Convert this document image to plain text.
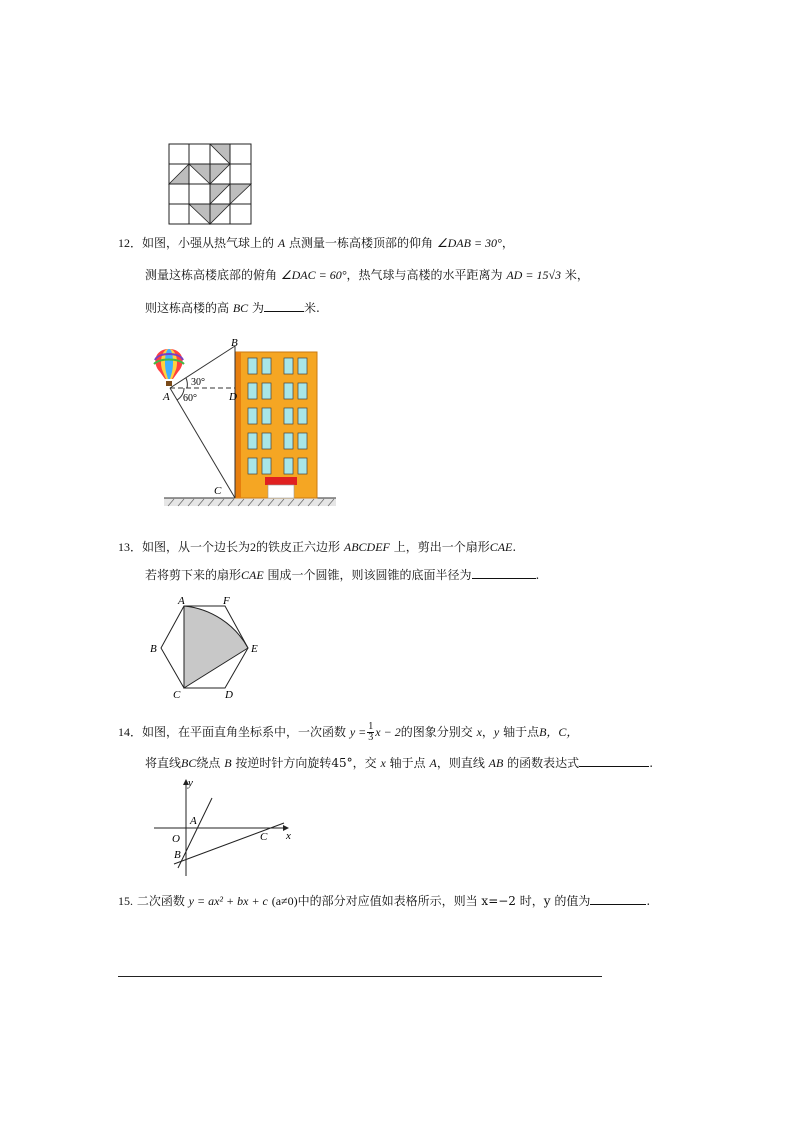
12．如图，小强从热气球上的 A 点测量一栋高楼顶部的仰角 ∠DAB = 30°，
测量这栋高楼底部的俯角 ∠DAC = 60°，热气球与高楼的水平距离为 AD = 15√3 米，
则这栋高楼的高 BC 为	米.
A
B
C
D
30°
60°
13．如图，从一个边长为2的铁皮正六边形 ABCDEF 上，剪出一个扇形CAE.
若将剪下来的扇形CAE 围成一个圆锥，则该圆锥的底面半径为	.
A	F
B	E
C	D
14．如图，在平面直角坐标系中，一次函数 $y = \frac{1}{3}$ x − 2的图象分别交 x，y 轴于点B，C，
将直线BC绕点 B 按逆时针方向旋转45°，交 x 轴于点 A，则直线 AB 的函数表达式	.
y
x
O
A
B
C
15. 二次函数 y = ax² + bx + c (a≠0)中的部分对应值如表格所示，则当 x=−2 时，y 的值为	.
